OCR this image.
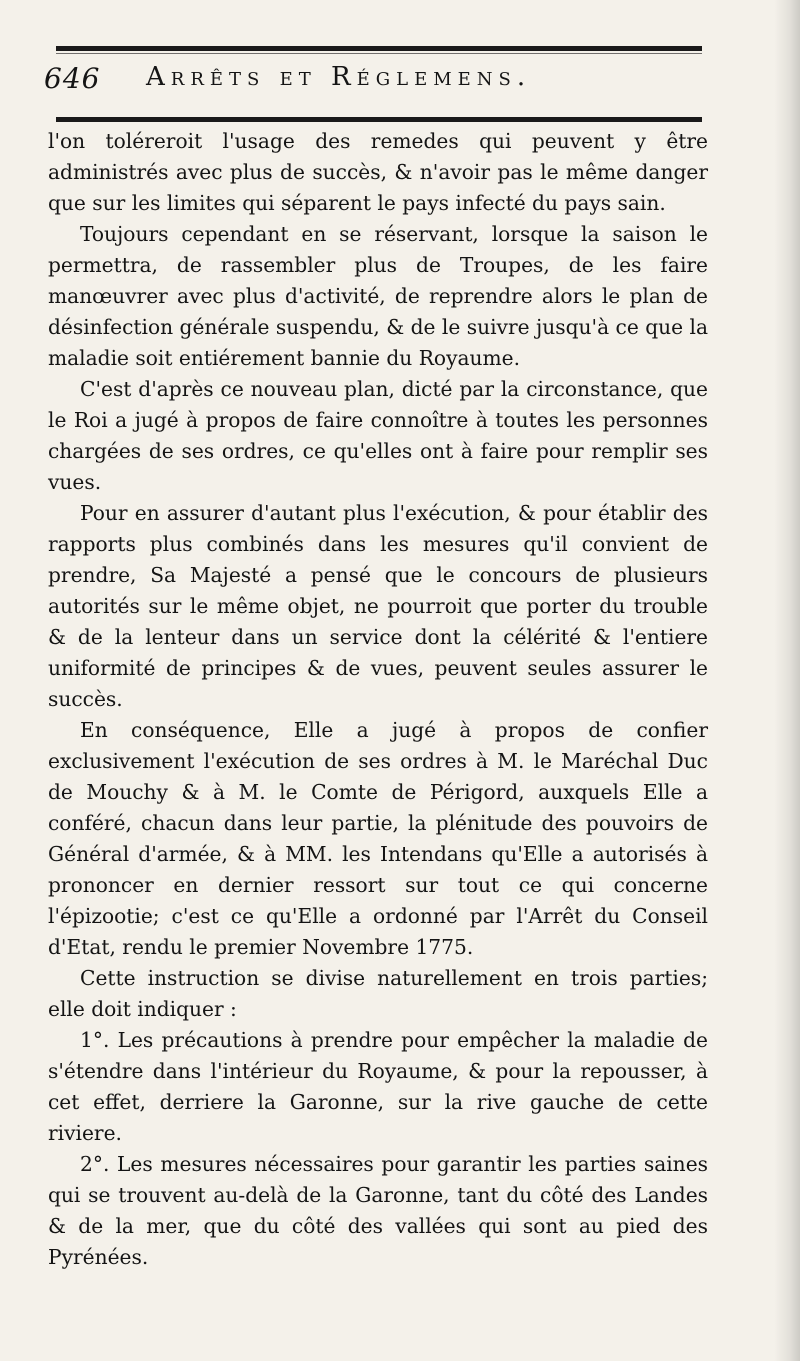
646 Arrêts et Réglemens.

l'on toléreroit l'usage des remedes qui peuvent y être administrés avec plus de succès, & n'avoir pas le même danger que sur les limites qui séparent le pays infecté du pays sain.

Toujours cependant en se réservant, lorsque la saison le permettra, de rassembler plus de Troupes, de les faire manœuvrer avec plus d'activité, de reprendre alors le plan de désinfection générale suspendu, & de le suivre jusqu'à ce que la maladie soit entiérement bannie du Royaume.

C'est d'après ce nouveau plan, dicté par la circonstance, que le Roi a jugé à propos de faire connoître à toutes les personnes chargées de ses ordres, ce qu'elles ont à faire pour remplir ses vues.

Pour en assurer d'autant plus l'exécution, & pour établir des rapports plus combinés dans les mesures qu'il convient de prendre, Sa Majesté a pensé que le concours de plusieurs autorités sur le même objet, ne pourroit que porter du trouble & de la lenteur dans un service dont la célérité & l'entiere uniformité de principes & de vues, peuvent seules assurer le succès.

En conséquence, Elle a jugé à propos de confier exclusivement l'exécution de ses ordres à M. le Maréchal Duc de Mouchy & à M. le Comte de Périgord, auxquels Elle a conféré, chacun dans leur partie, la plénitude des pouvoirs de Général d'armée, & à MM. les Intendans qu'Elle a autorisés à prononcer en dernier ressort sur tout ce qui concerne l'épizootie; c'est ce qu'Elle a ordonné par l'Arrêt du Conseil d'Etat, rendu le premier Novembre 1775.

Cette instruction se divise naturellement en trois parties; elle doit indiquer :

1°. Les précautions à prendre pour empêcher la maladie de s'étendre dans l'intérieur du Royaume, & pour la repousser, à cet effet, derriere la Garonne, sur la rive gauche de cette riviere.

2°. Les mesures nécessaires pour garantir les parties saines qui se trouvent au-delà de la Garonne, tant du côté des Landes & de la mer, que du côté des vallées qui sont au pied des Pyrénées.
